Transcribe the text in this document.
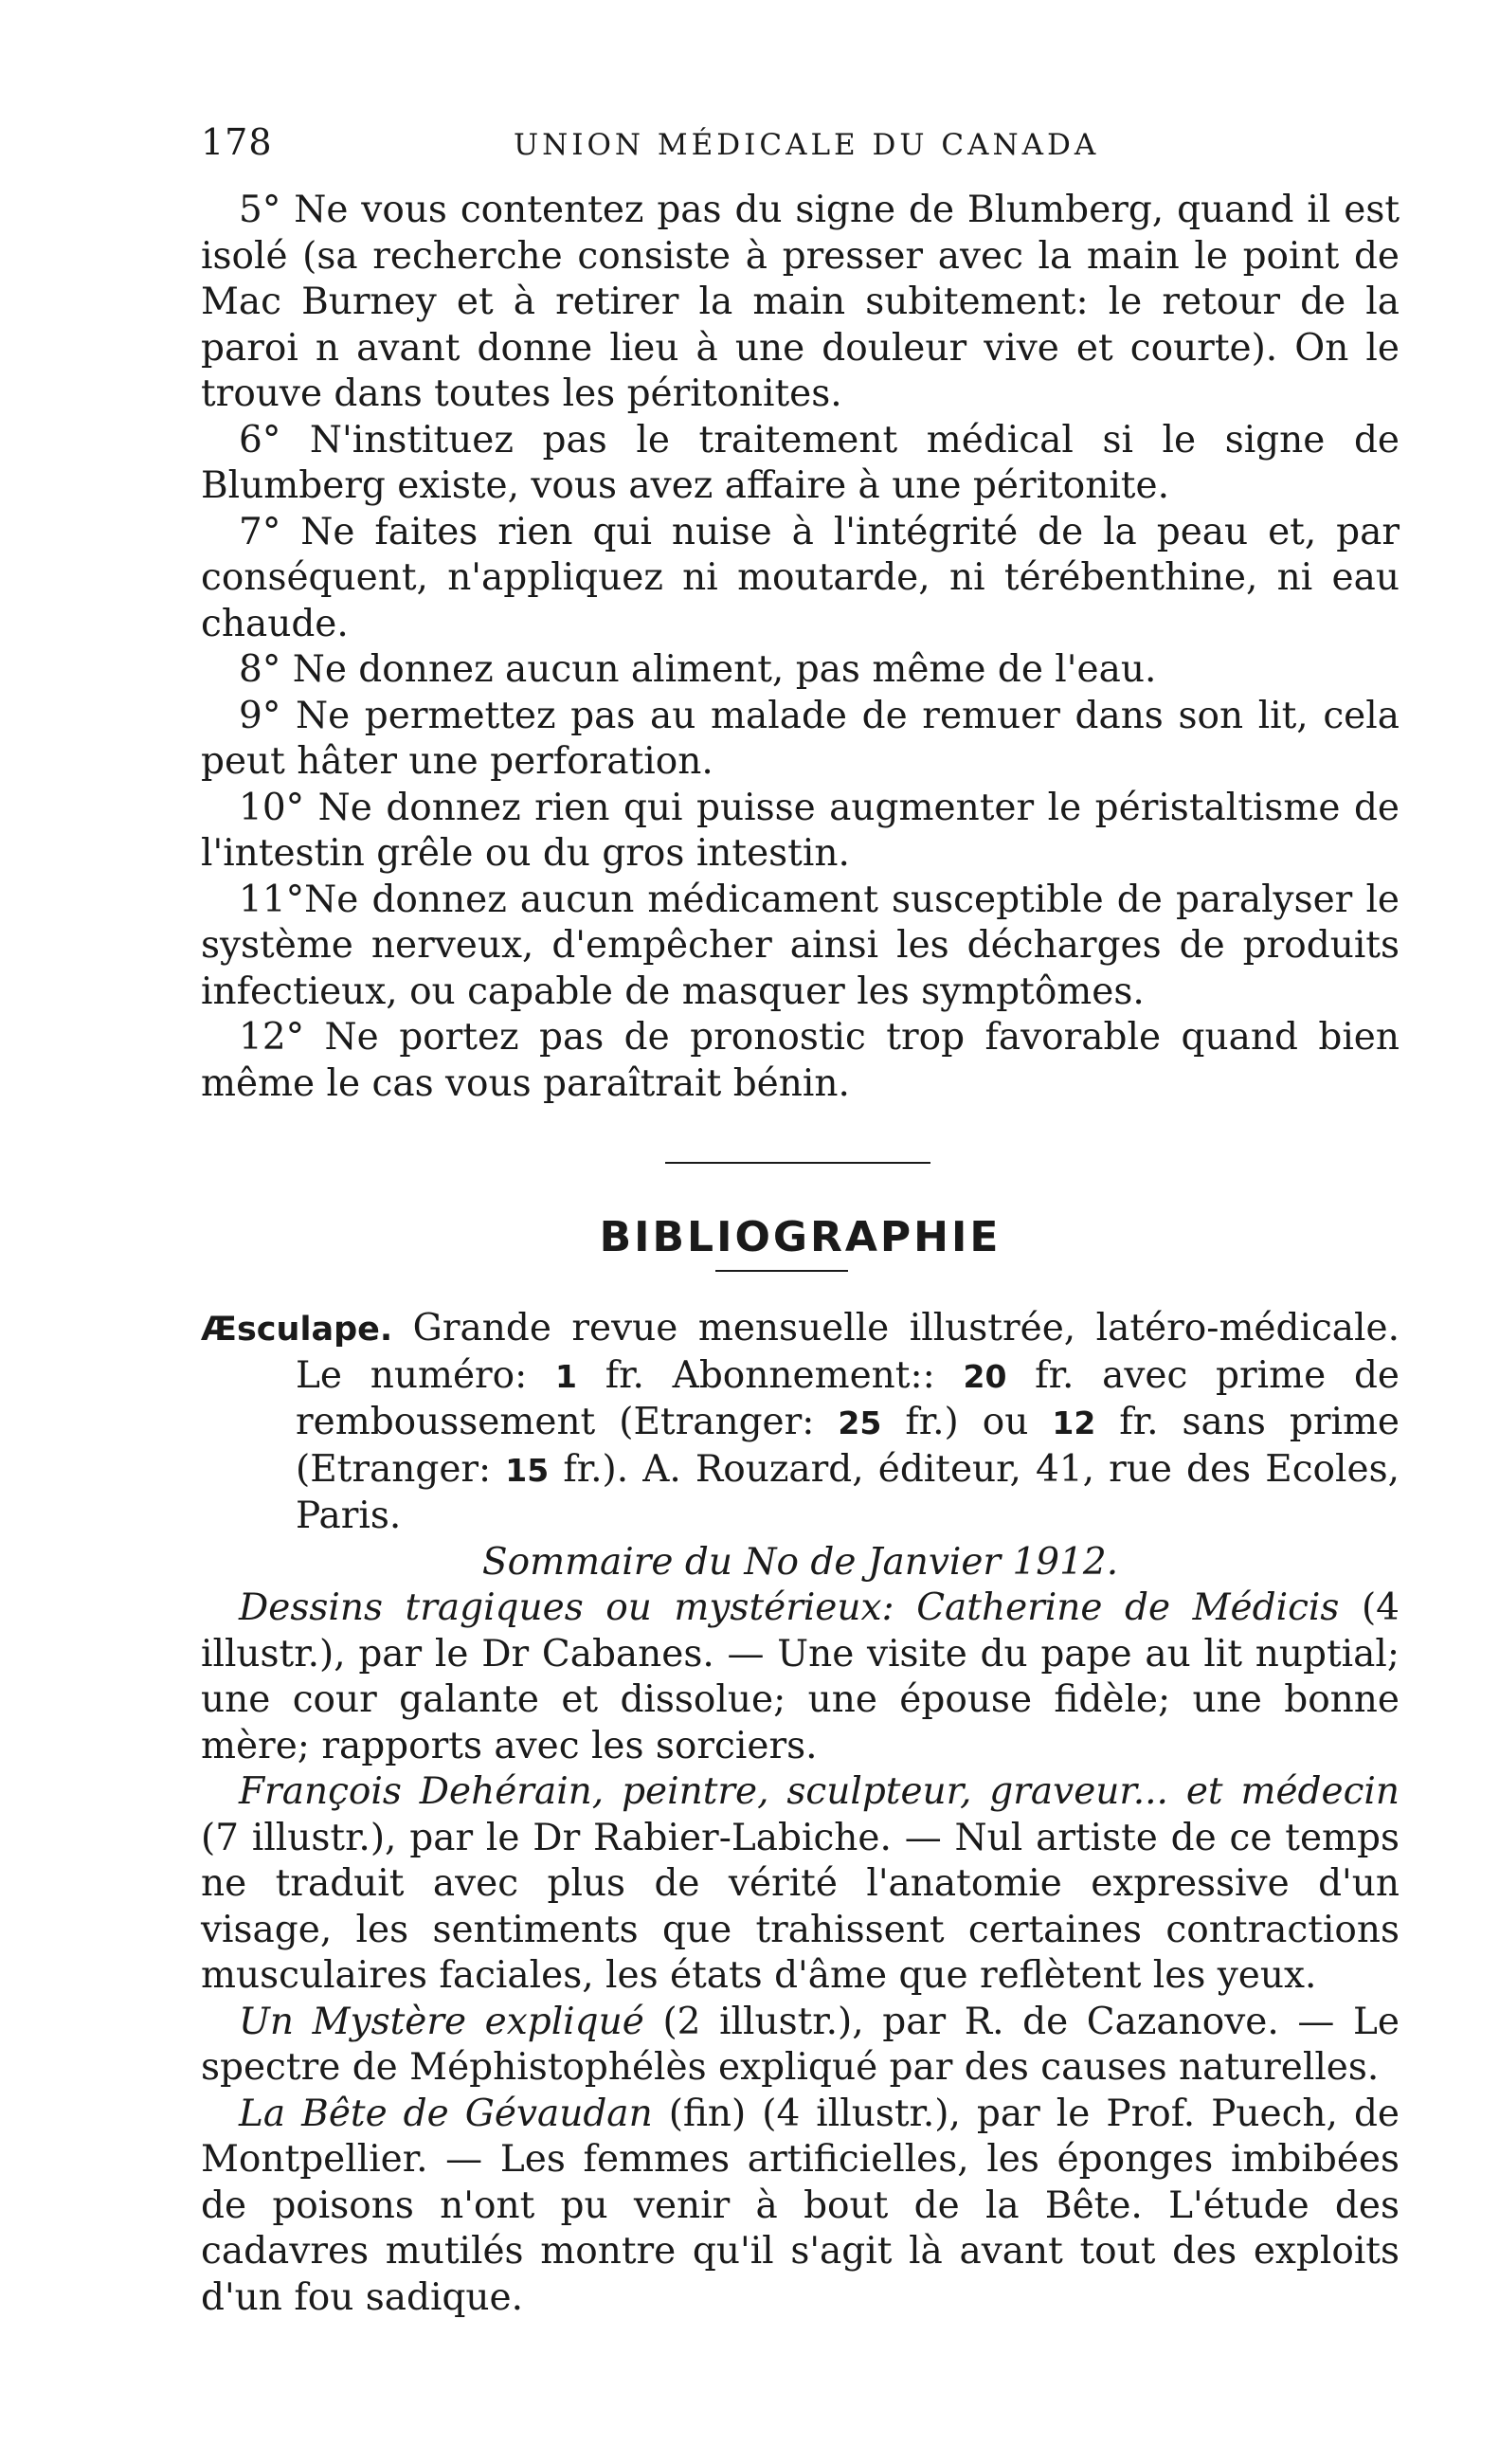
178	UNION MÉDICALE DU CANADA

5° Ne vous contentez pas du signe de Blumberg, quand il est isolé (sa recherche consiste à presser avec la main le point de Mac Burney et à retirer la main subitement: le retour de la paroi n avant donne lieu à une douleur vive et courte). On le trouve dans toutes les péritonites.

6° N'instituez pas le traitement médical si le signe de Blumberg existe, vous avez affaire à une péritonite.

7° Ne faites rien qui nuise à l'intégrité de la peau et, par conséquent, n'appliquez ni moutarde, ni térébenthine, ni eau chaude.

8° Ne donnez aucun aliment, pas même de l'eau.

9° Ne permettez pas au malade de remuer dans son lit, cela peut hâter une perforation.

10° Ne donnez rien qui puisse augmenter le péristaltisme de l'intestin grêle ou du gros intestin.

11°Ne donnez aucun médicament susceptible de paralyser le système nerveux, d'empêcher ainsi les décharges de produits infectieux, ou capable de masquer les symptômes.

12° Ne portez pas de pronostic trop favorable quand bien même le cas vous paraîtrait bénin.

BIBLIOGRAPHIE

Æsculape. Grande revue mensuelle illustrée, latéro-médicale. Le numéro: 1 fr. Abonnement:: 20 fr. avec prime de remboussement (Etranger: 25 fr.) ou 12 fr. sans prime (Etranger: 15 fr.). A. Rouzard, éditeur, 41, rue des Ecoles, Paris.

Sommaire du No de Janvier 1912.

Dessins tragiques ou mystérieux: Catherine de Médicis (4 illustr.), par le Dr Cabanes. — Une visite du pape au lit nuptial; une cour galante et dissolue; une épouse fidèle; une bonne mère; rapports avec les sorciers.

François Dehérain, peintre, sculpteur, graveur... et médecin (7 illustr.), par le Dr Rabier-Labiche. — Nul artiste de ce temps ne traduit avec plus de vérité l'anatomie expressive d'un visage, les sentiments que trahissent certaines contractions musculaires faciales, les états d'âme que reflètent les yeux.

Un Mystère expliqué (2 illustr.), par R. de Cazanove. — Le spectre de Méphistophélès expliqué par des causes naturelles.

La Bête de Gévaudan (fin) (4 illustr.), par le Prof. Puech, de Montpellier. — Les femmes artificielles, les éponges imbibées de poisons n'ont pu venir à bout de la Bête. L'étude des cadavres mutilés montre qu'il s'agit là avant tout des exploits d'un fou sadique.
